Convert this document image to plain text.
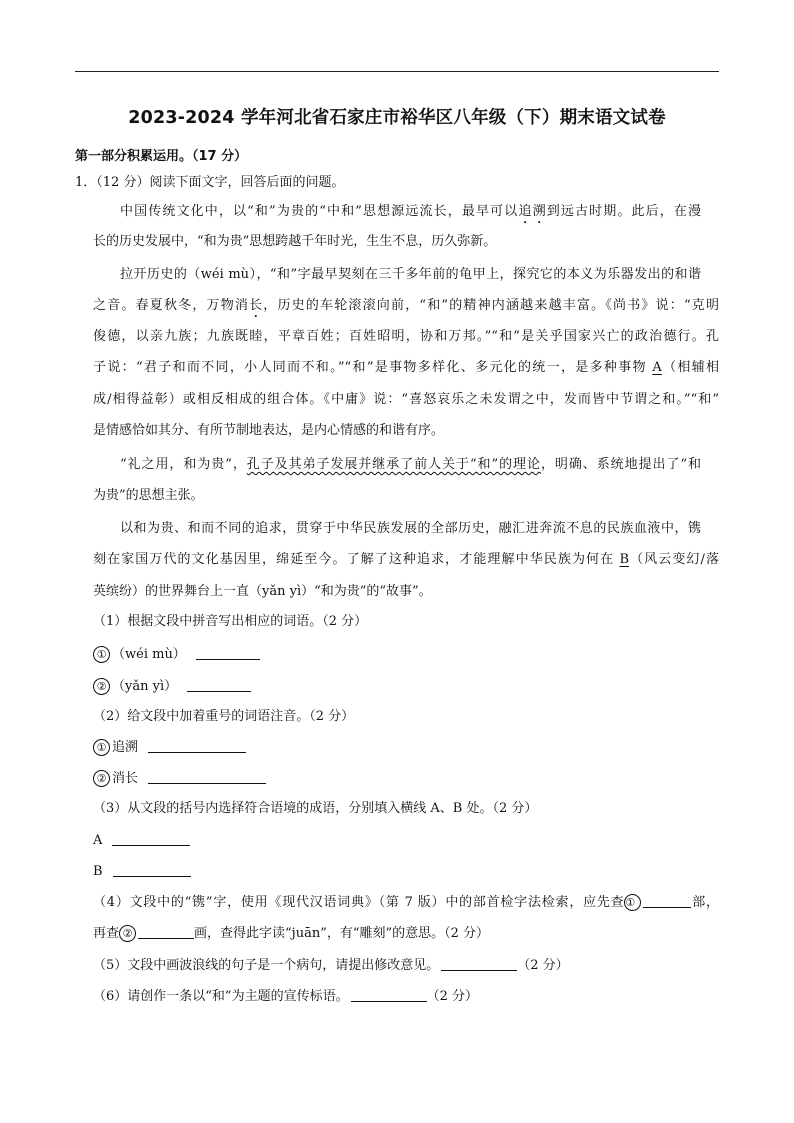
2023-2024 学年河北省石家庄市裕华区八年级（下）期末语文试卷
第一部分积累运用。（17 分）
1．（12 分）阅读下面文字，回答后面的问题。
中国传统文化中，以“和”为贵的“中和”思想源远流长，最早可以追溯到远古时期。此后，在漫
长的历史发展中，“和为贵”思想跨越千年时光，生生不息，历久弥新。
拉开历史的（wéi mù），“和”字最早契刻在三千多年前的龟甲上，探究它的本义为乐器发出的和谐
之音。春夏秋冬，万物消长，历史的车轮滚滚向前，“和”的精神内涵越来越丰富。《尚书》说：“克明
俊德，以亲九族；九族既睦，平章百姓；百姓昭明，协和万邦。”“和”是关乎国家兴亡的政治德行。孔
子说：“君子和而不同，小人同而不和。”“和”是事物多样化、多元化的统一，是多种事物 A（相辅相
成/相得益彰）或相反相成的组合体。《中庸》说：“喜怒哀乐之未发谓之中，发而皆中节谓之和。”“和”
是情感恰如其分、有所节制地表达，是内心情感的和谐有序。
“礼之用，和为贵”，孔子及其弟子发展并继承了前人关于“和”的理论，明确、系统地提出了“和
为贵”的思想主张。
以和为贵、和而不同的追求，贯穿于中华民族发展的全部历史，融汇进奔流不息的民族血液中，镌
刻在家国万代的文化基因里，绵延至今。了解了这种追求，才能理解中华民族为何在 B（风云变幻/落
英缤纷）的世界舞台上一直（yǎn yì）“和为贵”的“故事”。
（1）根据文段中拼音写出相应的词语。（2 分）
① （wéi mù）
② （yǎn yì）
（2）给文段中加着重号的词语注音。（2 分）
① 追溯
② 消长
（3）从文段的括号内选择符合语境的成语，分别填入横线 A、B 处。（2 分）
A
B
（4）文段中的“镌”字，使用《现代汉语词典》（第 7 版）中的部首检字法检索，应先查①	部，
再查 ②	画，查得此字读“juān”，有“雕刻”的意思。（2 分）
（5）文段中画波浪线的句子是一个病句，请提出修改意见。	（2 分）
（6）请创作一条以“和”为主题的宣传标语。	（2 分）
